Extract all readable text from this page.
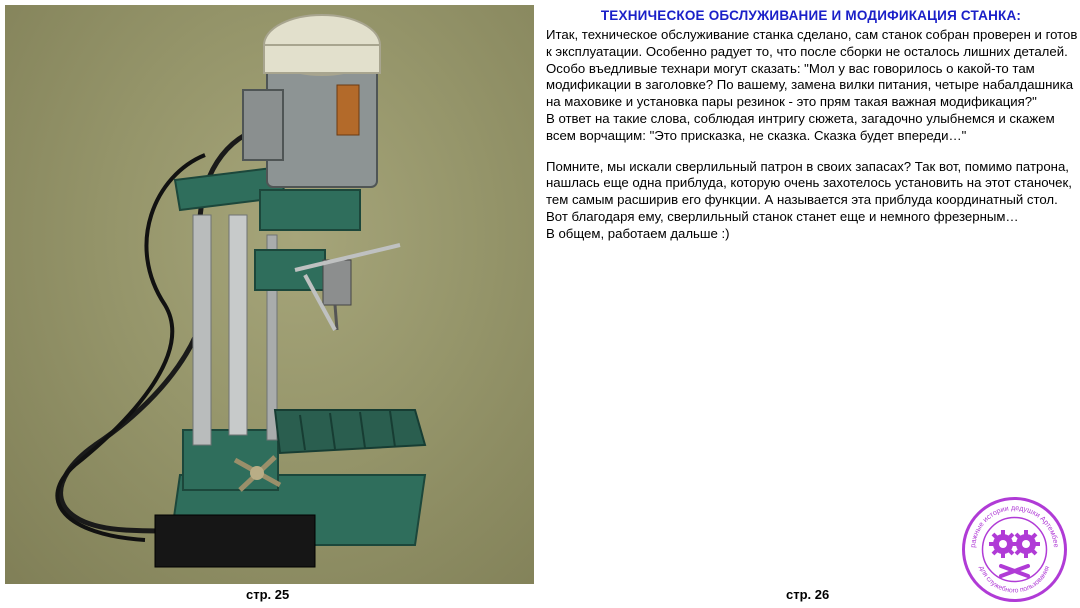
ТЕХНИЧЕСКОЕ ОБСЛУЖИВАНИЕ И МОДИФИКАЦИЯ СТАНКА:

Итак, техническое обслуживание станка сделано, сам станок собран проверен и готов к эксплуатации. Особенно радует то, что после сборки не осталось лишних деталей.

Особо въедливые технари могут сказать: "Мол у вас говорилось о какой-то там модификации в заголовке? По вашему, замена вилки питания, четыре набалдашника на маховике и установка пары резинок - это прям такая важная модификация?"

В ответ на такие слова, соблюдая интригу сюжета, загадочно улыбнемся и скажем всем ворчащим: "Это присказка, не сказка. Сказка будет впереди…"

Помните, мы искали сверлильный патрон в своих запасах? Так вот, помимо патрона, нашлась еще одна приблуда, которую очень захотелось установить на этот станочек, тем самым расширив его функции. А называется эта приблуда координатный стол. Вот благодаря ему, сверлильный станок станет еще и немного фрезерным…

В общем, работаем дальше :)

стр. 25	стр. 26
ражные истории дедушки Артембее
для служебного пользования
